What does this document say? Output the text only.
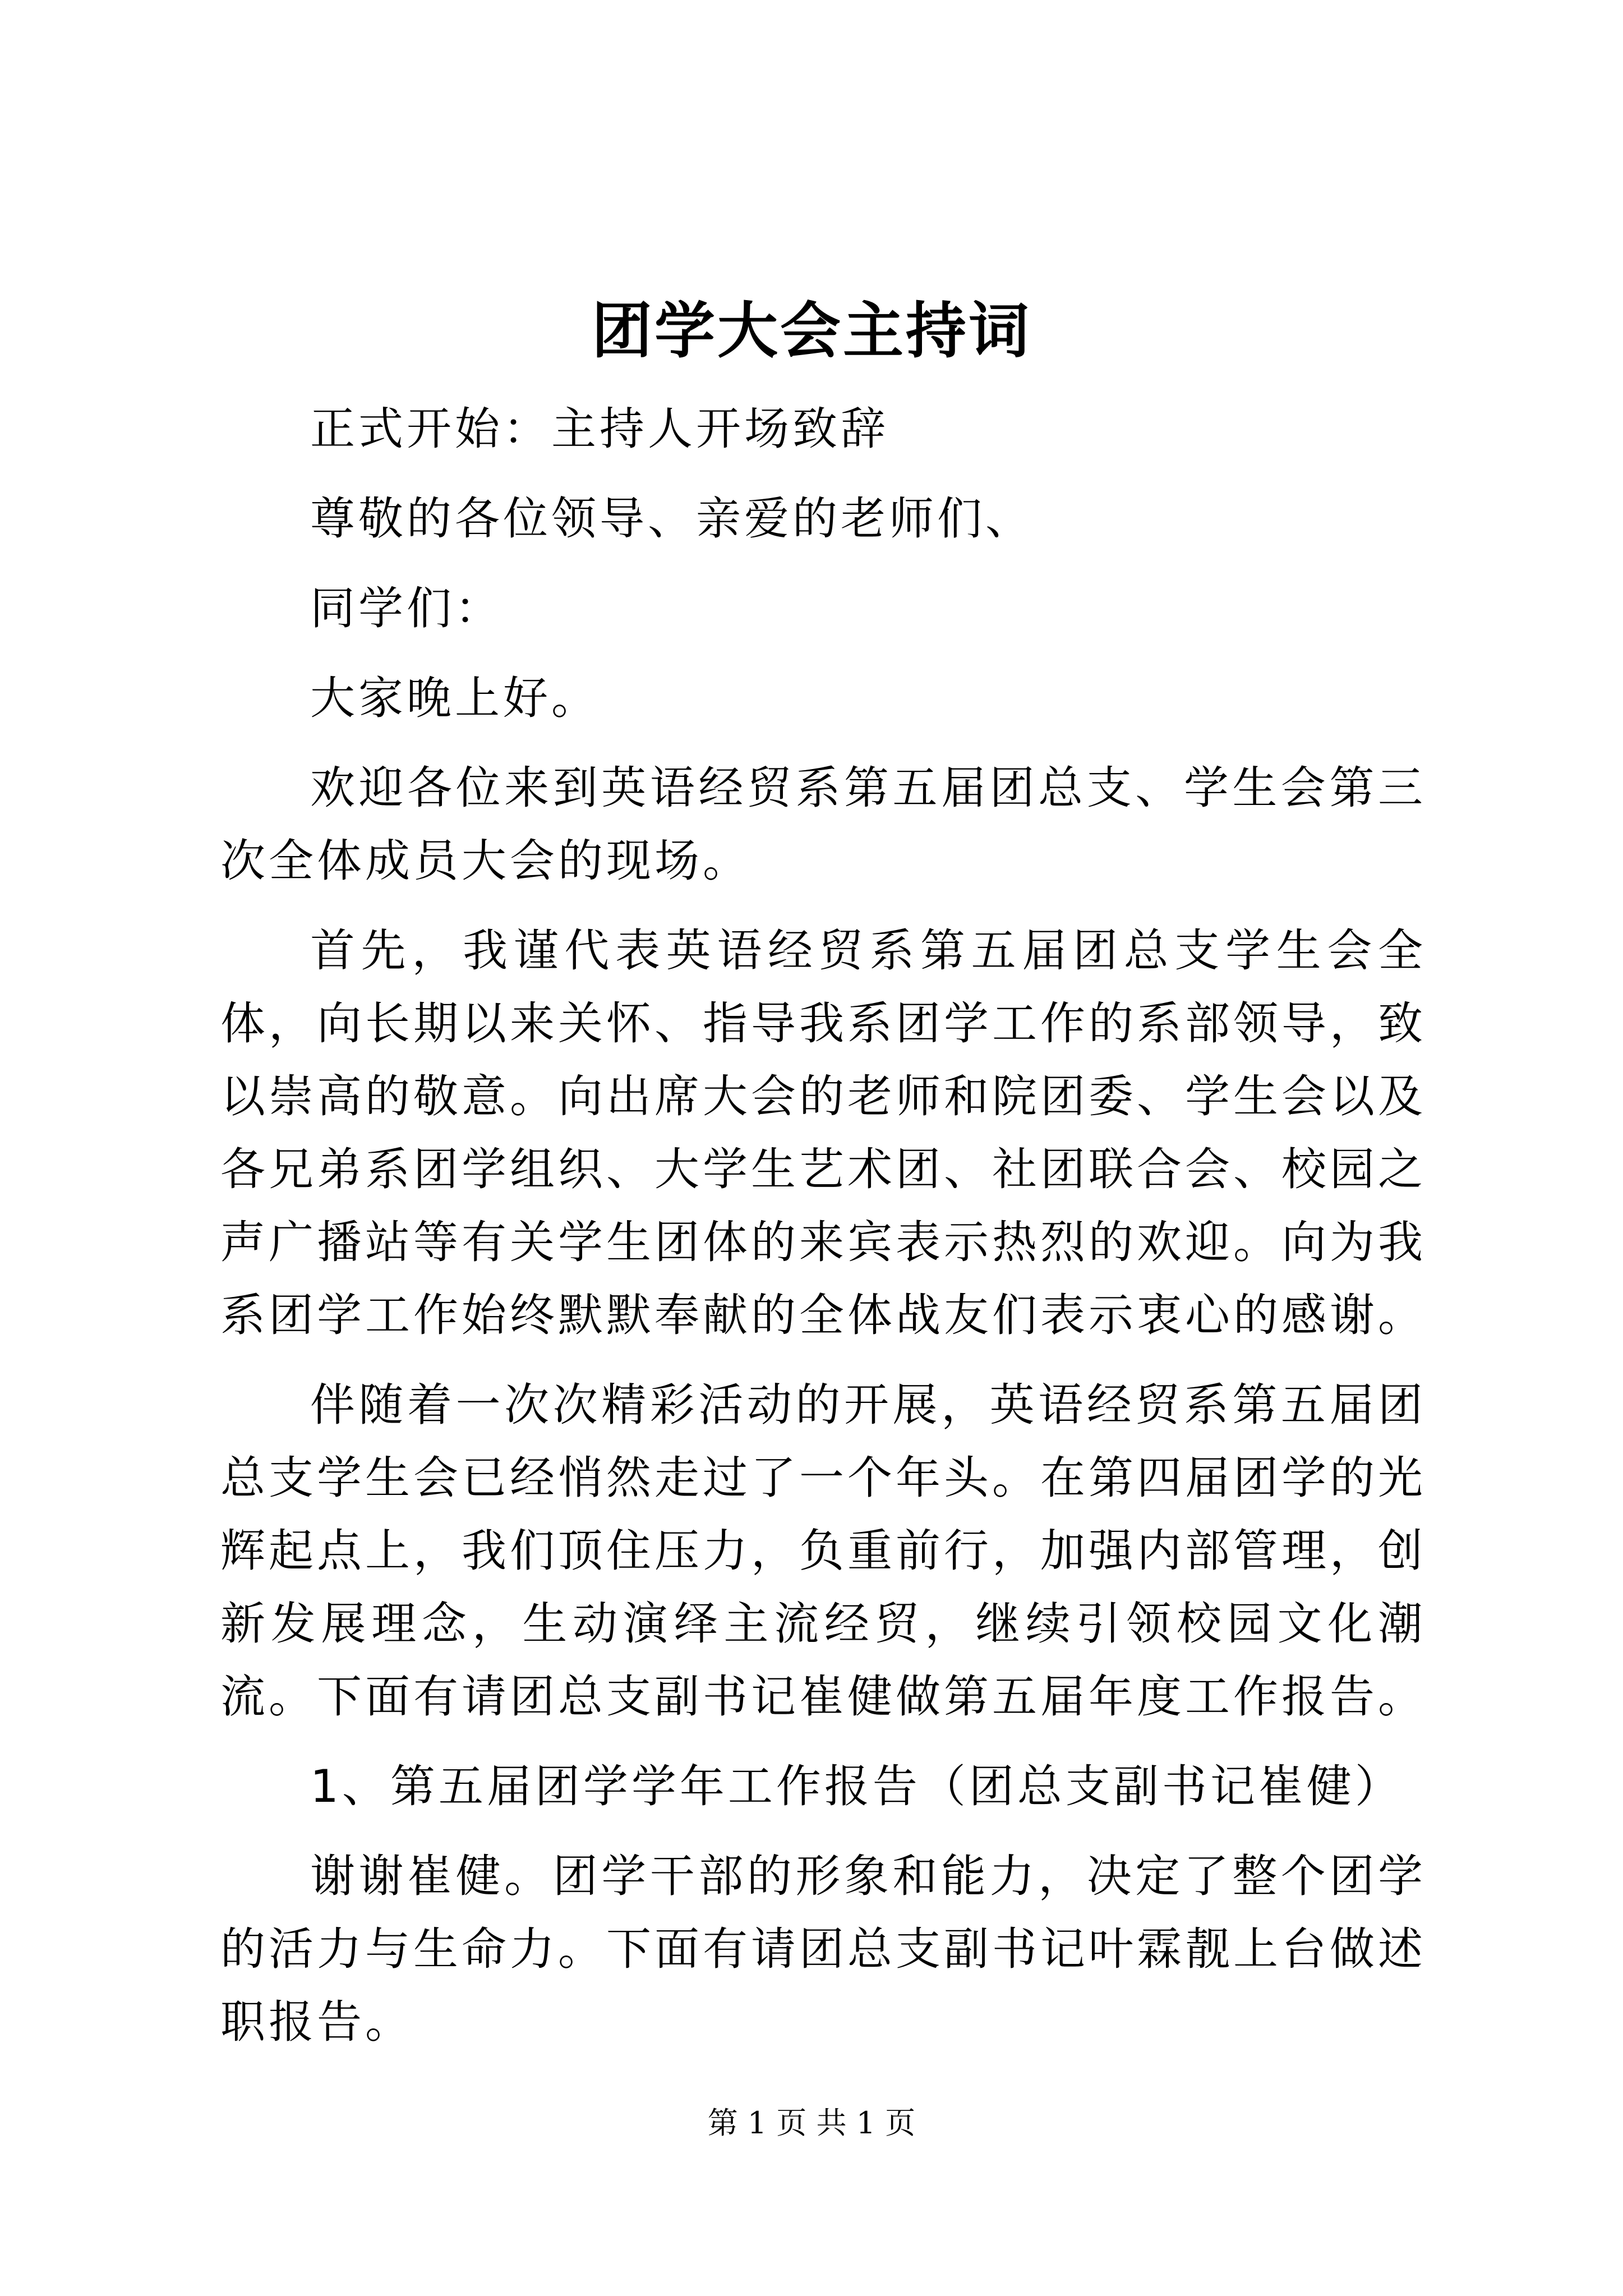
团学大会主持词

正式开始：主持人开场致辞

尊敬的各位领导、亲爱的老师们、

同学们：

大家晚上好。

欢迎各位来到英语经贸系第五届团总支、学生会第三次全体成员大会的现场。

首先，我谨代表英语经贸系第五届团总支学生会全体，向长期以来关怀、指导我系团学工作的系部领导，致以崇高的敬意。向出席大会的老师和院团委、学生会以及各兄弟系团学组织、大学生艺术团、社团联合会、校园之声广播站等有关学生团体的来宾表示热烈的欢迎。向为我系团学工作始终默默奉献的全体战友们表示衷心的感谢。

伴随着一次次精彩活动的开展，英语经贸系第五届团总支学生会已经悄然走过了一个年头。在第四届团学的光辉起点上，我们顶住压力，负重前行，加强内部管理，创新发展理念，生动演绎主流经贸，继续引领校园文化潮流。下面有请团总支副书记崔健做第五届年度工作报告。

1、第五届团学学年工作报告（团总支副书记崔健）

谢谢崔健。团学干部的形象和能力，决定了整个团学的活力与生命力。下面有请团总支副书记叶霖靓上台做述职报告。

第 1 页 共 1 页
